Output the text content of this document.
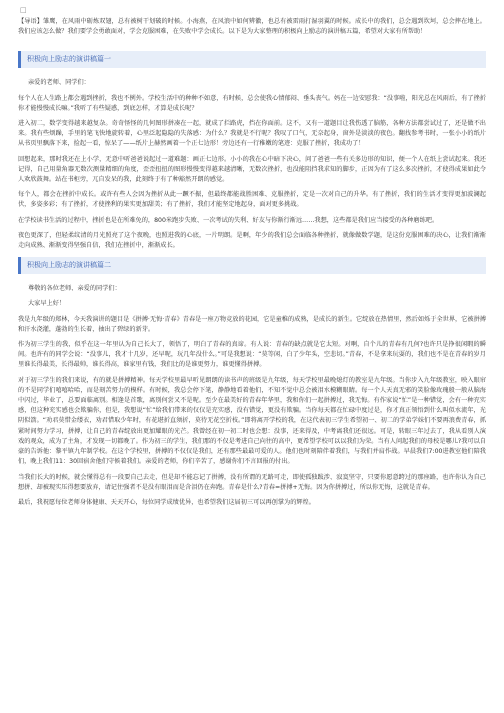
□

【导语】雏鹰，在风雨中砺炼双翅，总有被树干划破的时候。小海燕，在风浪中如何辨徽，也总有被雷雨打湿羽翼的时候。成长中的我们，总会遇到坎坷，总会摔在地上。我们应该怎么做？我们要学会勇敢面对，学会克服困难，在失败中学会成长。以下是为大家整理的积极向上励志的演讲稿五篇，希望对大家有所帮助！

积极向上励志的演讲稿篇一

亲爱的老师、同学们：

每个人在人生路上都会遇到挫折，我也不例外。学校生活中的种种不如意，有时候，总会使我心情郁闷、垂头丧气。妈在一边安慰我：“没事啦，阳光总在风雨后，有了挫折你才能慢慢成长嘛。”我听了有些疑惑，到底怎样，才算是成长呢？

进入初二，数学变得越来越复杂。奇奇怪怪的几何图形拼凑在一起，就成了拦路虎，挡在你面前。这不，又有一道题目让我伤透了脑筋，各种方法都尝试过了，还是做不出来。我有些烦躁，手里的笔飞快地旋转着，心里泛起隐隐的失落感：为什么？我就是不行呢？我叹了口气，无奈起身，窗外是淡淡的夜色。翻找参考书时，一张小小的纸片从书页里飘落下来，捡起一看，惊呆了——纸片上赫然画着一个正七边形！旁边还有一行稚嫩的笔迹：克服了挫折，我成功了！

回想起来，那时我还在上小学，无意中听爸爸说起过一道难题：画正七边形。小小的我在心中暗下决心，问了爸爸一些有关多边形的知识，便一个人在纸上尝试起来。我还记得，自己用量角器无数次测量精细的角度，歪歪扭扭的图形慢慢变得越来越清晰，无数次挫折，也没能阻挡我求知的脚步，正因为有了这么多次挫折，才使得成果如此令人欢欣鼓舞。站在书柜旁，兀自发呆的我，此刻终于有了种豁然开朗的感觉。

每个人，都会在挫折中成长。或许有些人会因为挫折从此一蹶不振，但最终都能战胜困难、克服挫折，定是一次对自己的升华。有了挫折，我们的生活才变得更加波澜起伏，多姿多彩；有了挫折，才使挫利的果实更加甜美；有了挫折，我们才能坚定地起身，面对更多挑战。

在学校读书生活的过程中，挫折也是在所难免的，800米跑步失败、一次考试的失利、好友与你渐行渐远……我想，这些都是我们应当接受的各种磨练吧。

夜色更深了，但轻柔纹清的月光照亮了这个夜晚，也照进我的心底，一片明朗。是啊，年少的我们总会面临各种挫折，就像做数学题，是这份克服困难的决心，让我们渐渐走向成熟、渐渐变得坚强自信，我们在挫折中，渐渐成长。

积极向上励志的演讲稿篇二

尊敬的各位老师、亲爱的同学们：

大家早上好！

我是九年级的郑林，今天我演讲的题目是《拼搏·无悔·青春》青春是一座万物竞放的花园，它是童稚的成熟，是成长的新生。它绽放在热情里，然后如烁于全世界，它被拼搏和汗水浇灌，蓬勃的生长着，抽出了碧绿的新芽。

作为初三学生的我，似乎在这一年里认为自己长大了，领悟了，明白了青春的真谛。有人说：青春的缺点就是它太短。对啊，自个儿的青春有几何?也许只是挣很闲暇的瞬间。也许有的同学会说：“没事儿，我才十几岁，还早呢，玩几年没什么。”可是我想说：“莫等闲，白了少年头，空悲切。”青春，不是拿来玩耍的，我们也不是在青春的岁月里谁长得最美，长得最帅，谁长得高，谁家里有钱，我们比的是谁更努力，谁更懂得拼搏。

对于初三学生的我们来说，有的就是拼搏精神。每天学校里最早听见朗朗的读书声的班级是九年级，每天学校里最晚熄灯的教室是九年级。当你步入九年级教室，映入眼帘的不是同学们嘻嘻哈哈，而是刻苦努力的模样。有时候，我总会停下笔，静静地看着他们，不知不觉中总会被泪水模糊眼睛。每一个人天真无邪的笑脸像玫瑰般一般从脑海中闪过，毕业了，总要面临离别。相逢是首歌，离别何尝又不是呢。至少在最美好的青春年华里，我和你们一起拼搏过，我无悔。有作家说“忙”是一种错觉，会有一种充实感，但这种充实感也会欺骗你，但是，我想说“忙”给我们带来的仅仅是充实感，没有错觉，更没有欺骗。当你每天都在忙碌中度过是，你才真正领悟到什么叫似水流年，光阴似箭。“劝君莫惜金缕衣，劝君惜取少年时，有花堪折直须折，莫待无花空折枝。”即将离开学校的我，在这代表初三学生希望初一、初二的学弟学妹们不要再浪费青春，抓紧时间努力学习，拼搏，让自己的青春绽放出更加耀眼的光芒。我曾经在初一初二时也会想：没事，还来得及，中考离我们还很远。可是，转眼三年过去了，我从看别人演戏的观众，成为了主角，才发现一切都晚了。作为初三的学生，我们那的不仅是考进自己向往的高中，更希望学校可以以我们为荣。当有人问起我们的母校是哪儿?我可以自豪的告诉他：黎平镇九年制学校。在这个学校里，拼搏的不仅仅是我们，还有那些最最可爱的人。他们也时刻陪伴着我们，与我们并肩作战。早晨我们7:00进教室他们陪我们，晚上我们11：30回宿舍他们守候着我们。亲爱的老师，你们辛苦了，感谢你们不言回报的付出。

当我们长大的时候，就会懂得总有一段要自己去走，但是却不能忘记了拼搏，没有所谓的无路可走，即使孤独跋涉、寂寞坚守，只要你愿意跨过的那座路，也许你认为自己想拼、却被现实压得想要放弃，请记住强者不是没有眼泪而是含泪仍在奔跑。青春是什么?青春=拼搏+无悔。因为你拼搏过，所以你无悔，这就是青春。

最后，我祝愿每位老师身体健康、天天开心，每位同学成绩优异，也希望我们这届初三可以再创掌为的辉煌。
